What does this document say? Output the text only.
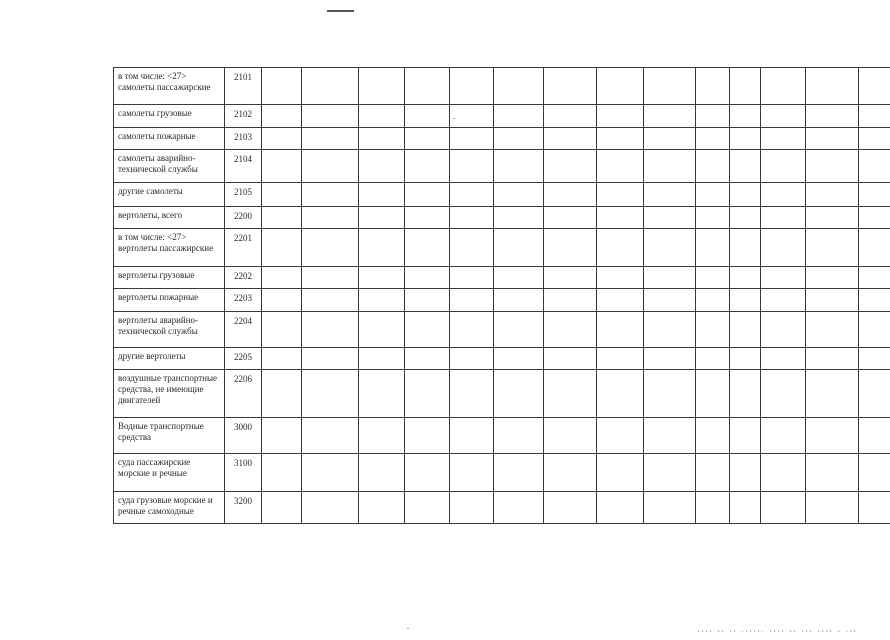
в том числе: <27> самолеты пассажирские	2101														
самолеты грузовые	2102														
самолеты пожарные	2103														
самолеты аварийно-технической службы	2104														
другие самолеты	2105														
вертолеты, всего	2200														
в том числе: <27> вертолеты пассажирские	2201														
вертолеты грузовые	2202														
вертолеты пожарные	2203														
вертолеты аварийно-технической службы	2204														
другие вертолеты	2205														
воздушные транспортные средства, не имеющие двигателей	2206														
Водные транспортные средства	3000														
суда пассажирские морские и речные	3100														
суда грузовые морские и речные самоходные	3200														
ⁱⁱⁱⁱ ⁱⁱ ⁱⁱ ⁻ⁱⁱⁱⁱ⁻ ⁱⁱⁱⁱ ⁱⁱ ⁱⁱⁱ ⁱⁱⁱⁱ ⁱ ⁻ⁱⁱ
